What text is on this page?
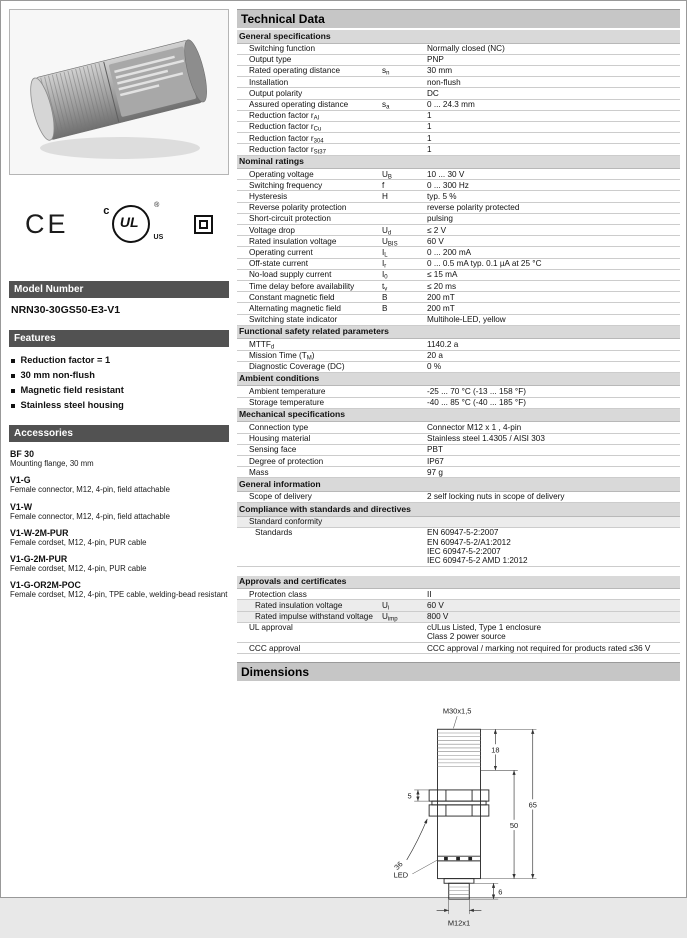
CE	c
UL
®
US
Model Number
NRN30-30GS50-E3-V1
Features
Reduction factor = 1
30 mm non-flush
Magnetic field resistant
Stainless steel housing
Accessories
BF 30
Mounting flange, 30 mm
V1-G
Female connector, M12, 4-pin, field attachable
V1-W
Female connector, M12, 4-pin, field attachable
V1-W-2M-PUR
Female cordset, M12, 4-pin, PUR cable
V1-G-2M-PUR
Female cordset, M12, 4-pin, PUR cable
V1-G-OR2M-POC
Female cordset, M12, 4-pin, TPE cable, welding-bead resistant
Technical Data
General specifications
Switching function	Normally closed (NC)
Output type	PNP
Rated operating distance	$s_n$	30 mm
Installation	non-flush
Output polarity	DC
Assured operating distance	$s_a$	0 ... 24.3 mm
Reduction factor $r_{Al}$	1
Reduction factor $r_{Cu}$	1
Reduction factor $r_{304}$	1
Reduction factor $r_{St37}$	1
Nominal ratings
Operating voltage	$U_B$	10 ... 30 V
Switching frequency	f	0 ... 300 Hz
Hysteresis	H	typ. 5 %
Reverse polarity protection	reverse polarity protected
Short-circuit protection	pulsing
Voltage drop	$U_d$	≤ 2 V
Rated insulation voltage	$U_{BIS}$	60 V
Operating current	$I_L$	0 ... 200 mA
Off-state current	$I_r$	0 ... 0.5 mA typ. 0.1 µA at 25 °C
No-load supply current	$I_0$	≤ 15 mA
Time delay before availability	$t_v$	≤ 20 ms
Constant magnetic field	B	200 mT
Alternating magnetic field	B	200 mT
Switching state indicator	Multihole-LED, yellow
Functional safety related parameters
$MTTF_d$	1140.2 a
Mission Time $(T_M)$	20 a
Diagnostic Coverage (DC)	0 %
Ambient conditions
Ambient temperature	-25 ... 70 °C (-13 ... 158 °F)
Storage temperature	-40 ... 85 °C (-40 ... 185 °F)
Mechanical specifications
Connection type	Connector M12 x 1 , 4-pin
Housing material	Stainless steel 1.4305 / AISI 303
Sensing face	PBT
Degree of protection	IP67
Mass	97 g
General information
Scope of delivery	2 self locking nuts in scope of delivery
Compliance with standards and directives
Standard conformity
Standards	EN 60947-5-2:2007
EN 60947-5-2/A1:2012
IEC 60947-5-2:2007
IEC 60947-5-2 AMD 1:2012
Approvals and certificates
Protection class	II
Rated insulation voltage	$U_i$	60 V
Rated impulse withstand voltage	$U_{imp}$	800 V
UL approval	cULus Listed, Type 1 enclosure
Class 2 power source
CCC approval	CCC approval / marking not required for products rated ≤36 V
Dimensions
M30x1,5
18
5
50
65
36
LED
6
M12x1
